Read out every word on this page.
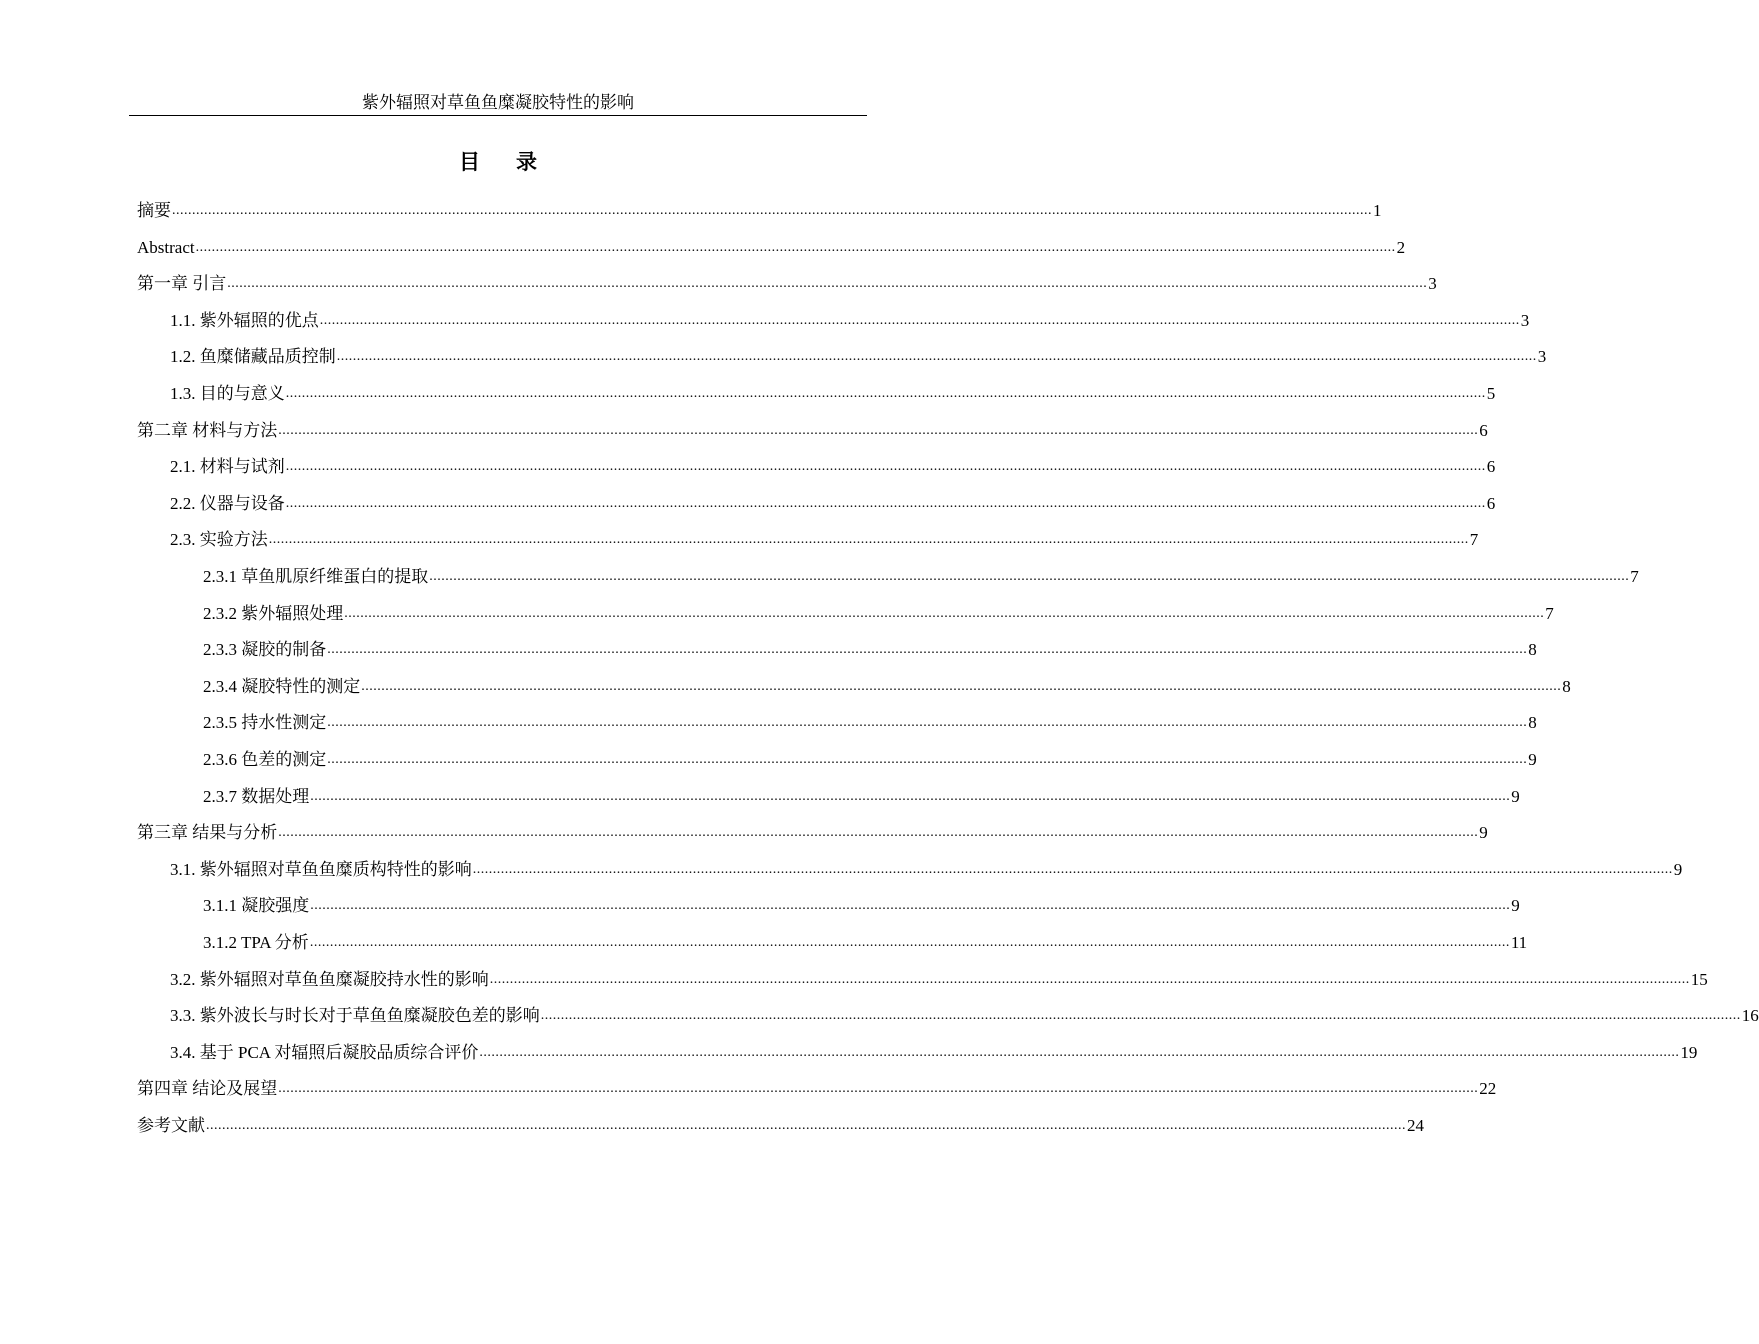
紫外辐照对草鱼鱼糜凝胶特性的影响
目录
摘要 ............................................................................................................................................................................................................................................................................................................ 1
Abstract ............................................................................................................................................................................................................................................................................................................ 2
第一章 引言 ............................................................................................................................................................................................................................................................................................................ 3
1.1. 紫外辐照的优点 ............................................................................................................................................................................................................................................................................................................ 3
1.2. 鱼糜储藏品质控制 ............................................................................................................................................................................................................................................................................................................ 3
1.3. 目的与意义 ............................................................................................................................................................................................................................................................................................................ 5
第二章 材料与方法 ............................................................................................................................................................................................................................................................................................................ 6
2.1. 材料与试剂 ............................................................................................................................................................................................................................................................................................................ 6
2.2. 仪器与设备 ............................................................................................................................................................................................................................................................................................................ 6
2.3. 实验方法 ............................................................................................................................................................................................................................................................................................................ 7
2.3.1 草鱼肌原纤维蛋白的提取 ............................................................................................................................................................................................................................................................................................................ 7
2.3.2 紫外辐照处理 ............................................................................................................................................................................................................................................................................................................ 7
2.3.3 凝胶的制备 ............................................................................................................................................................................................................................................................................................................ 8
2.3.4 凝胶特性的测定 ............................................................................................................................................................................................................................................................................................................ 8
2.3.5 持水性测定 ............................................................................................................................................................................................................................................................................................................ 8
2.3.6 色差的测定 ............................................................................................................................................................................................................................................................................................................ 9
2.3.7 数据处理 ............................................................................................................................................................................................................................................................................................................ 9
第三章 结果与分析 ............................................................................................................................................................................................................................................................................................................ 9
3.1. 紫外辐照对草鱼鱼糜质构特性的影响 ............................................................................................................................................................................................................................................................................................................ 9
3.1.1 凝胶强度 ............................................................................................................................................................................................................................................................................................................ 9
3.1.2 TPA 分析 ............................................................................................................................................................................................................................................................................................................ 11
3.2. 紫外辐照对草鱼鱼糜凝胶持水性的影响 ............................................................................................................................................................................................................................................................................................................ 15
3.3. 紫外波长与时长对于草鱼鱼糜凝胶色差的影响 ............................................................................................................................................................................................................................................................................................................ 16
3.4. 基于 PCA 对辐照后凝胶品质综合评价 ............................................................................................................................................................................................................................................................................................................ 19
第四章 结论及展望 ............................................................................................................................................................................................................................................................................................................ 22
参考文献 ............................................................................................................................................................................................................................................................................................................ 24
